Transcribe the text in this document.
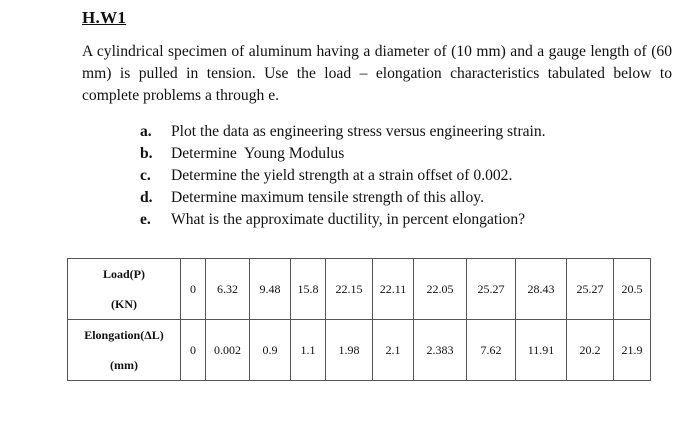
H.W1

A cylindrical specimen of aluminum having a diameter of (10 mm) and a gauge length of (60 mm) is pulled in tension. Use the load – elongation characteristics tabulated below to complete problems a through e.

a. Plot the data as engineering stress versus engineering strain.
b. Determine  Young Modulus
c. Determine the yield strength at a strain offset of 0.002.
d. Determine maximum tensile strength of this alloy.
e. What is the approximate ductility, in percent elongation?
Load(P)
(KN)	0	6.32	9.48	15.8	22.15	22.11	22.05	25.27	28.43	25.27	20.5

Elongation(ΔL)
(mm)	0	0.002	0.9	1.1	1.98	2.1	2.383	7.62	11.91	20.2	21.9
